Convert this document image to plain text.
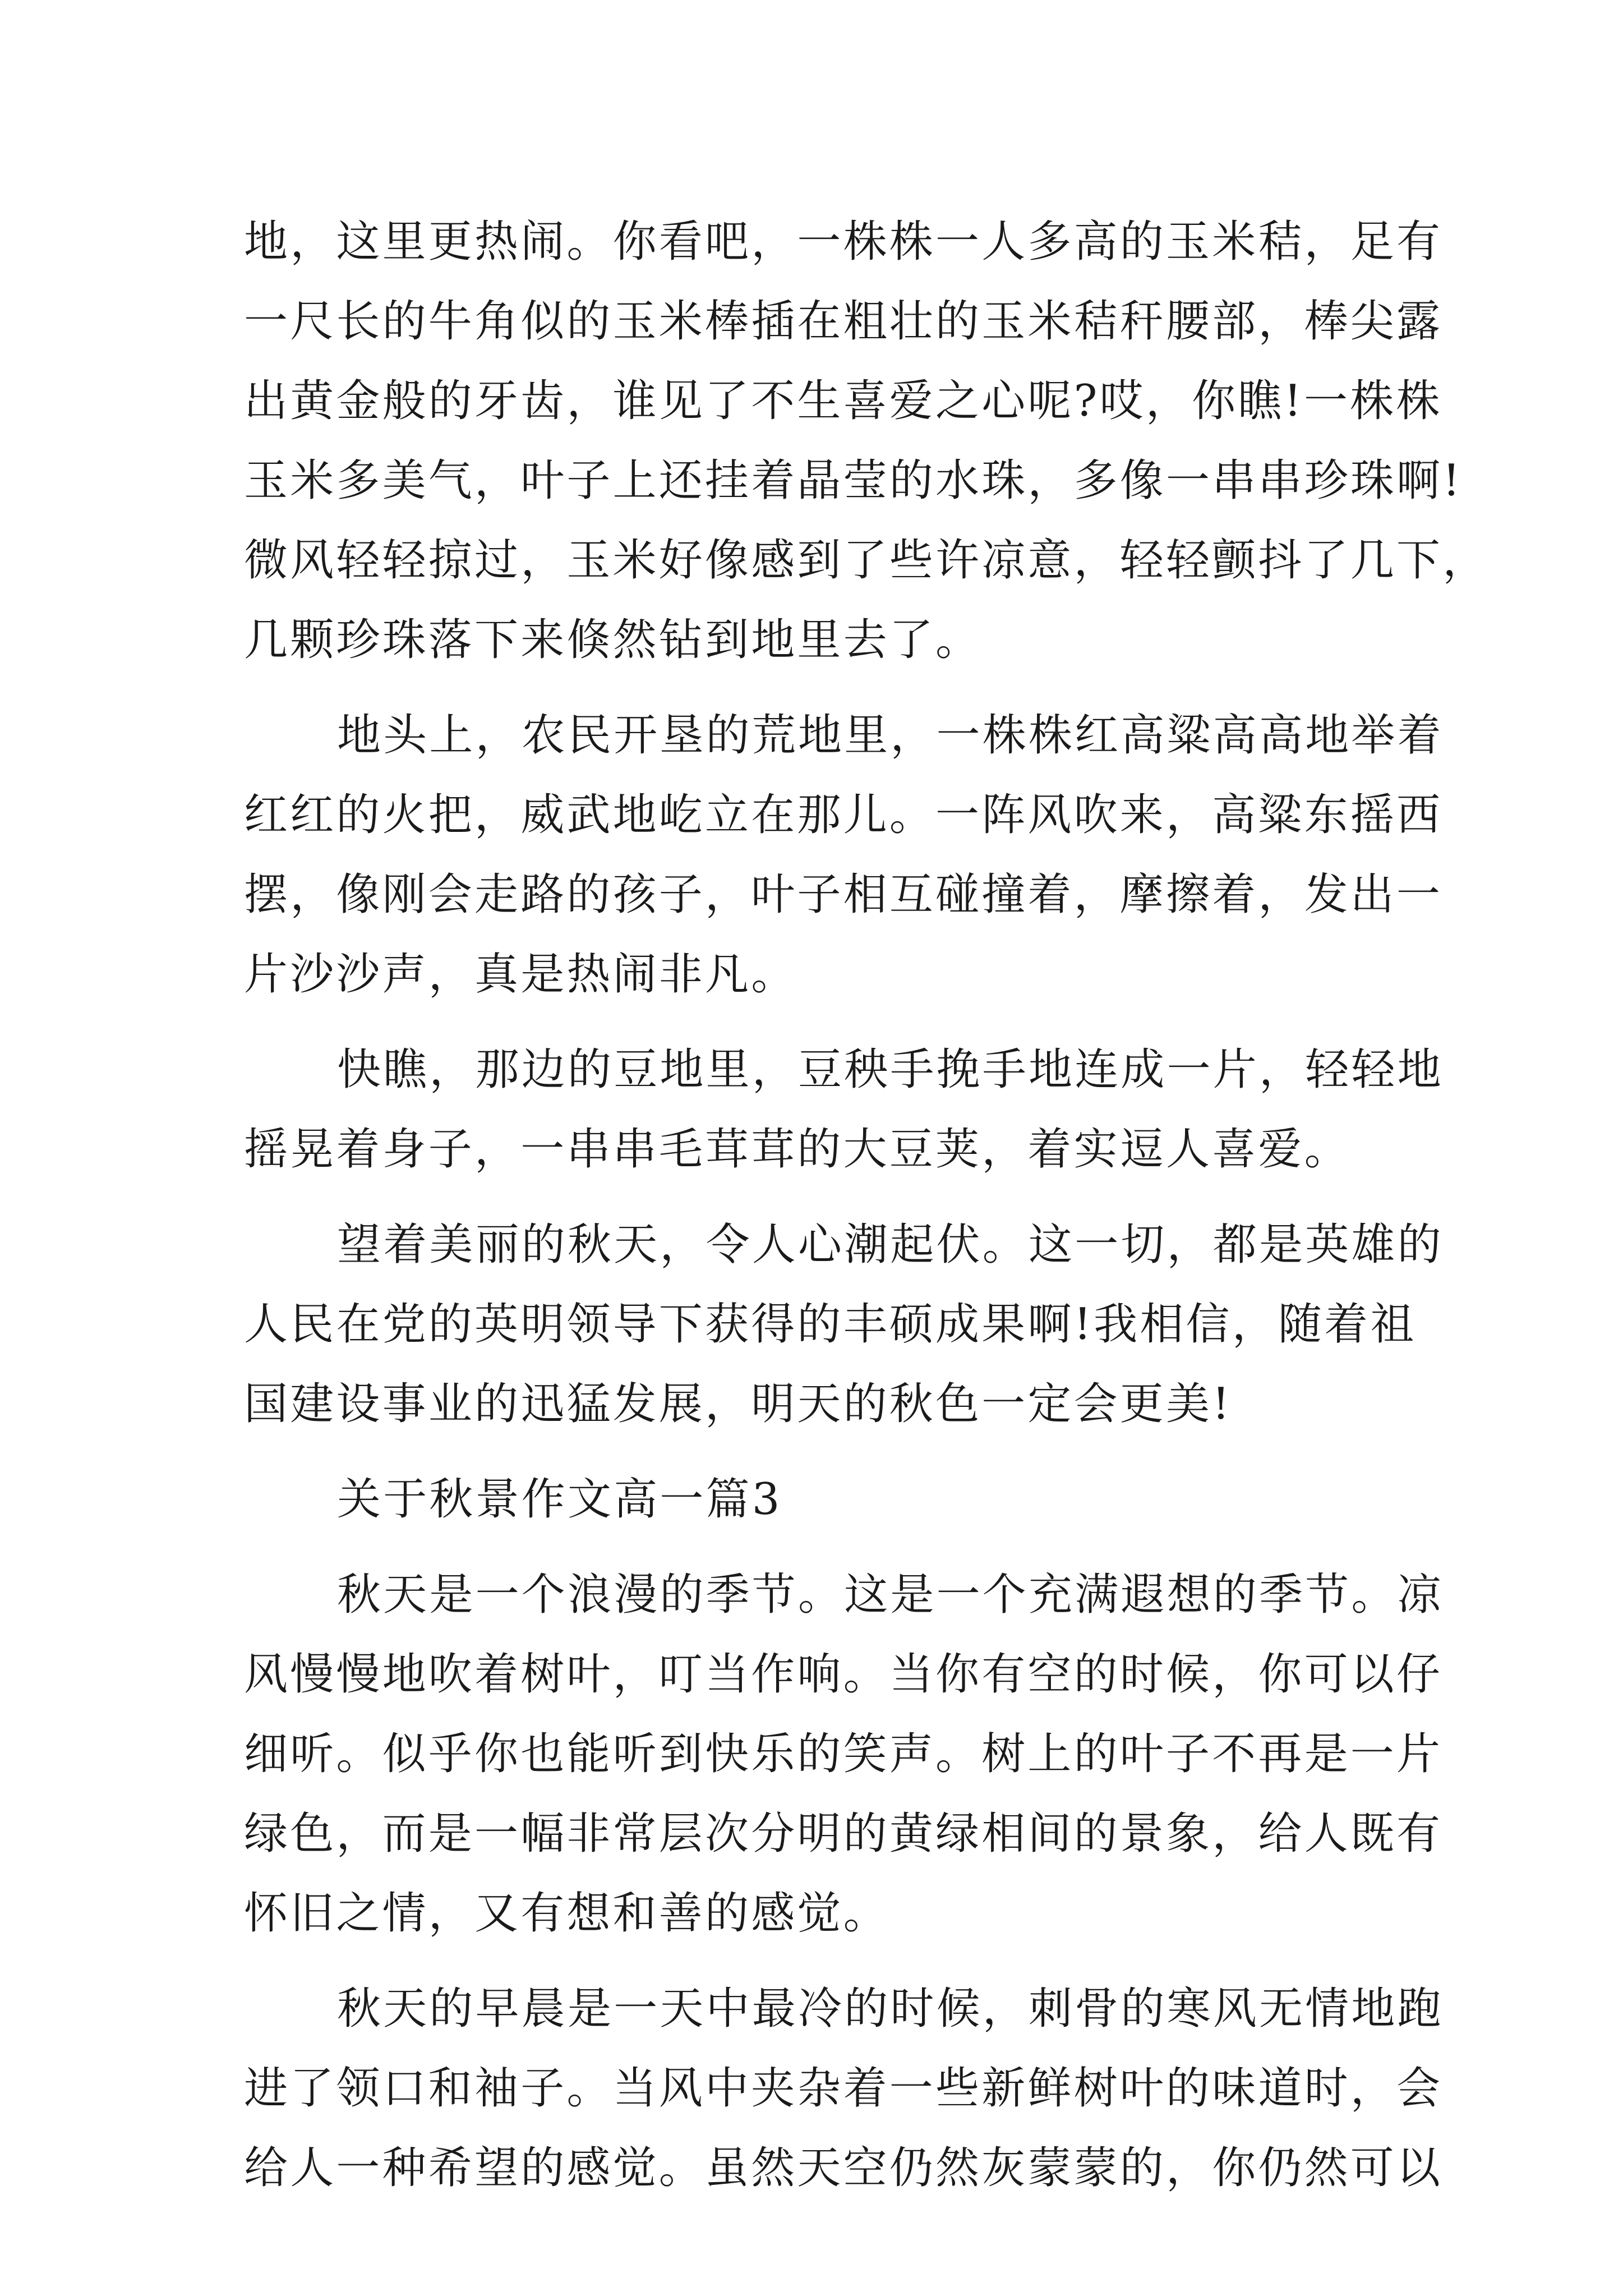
地，这里更热闹。你看吧，一株株一人多高的玉米秸，足有
一尺长的牛角似的玉米棒插在粗壮的玉米秸秆腰部，棒尖露
出黄金般的牙齿，谁见了不生喜爱之心呢?哎，你瞧!一株株
玉米多美气，叶子上还挂着晶莹的水珠，多像一串串珍珠啊!
微风轻轻掠过，玉米好像感到了些许凉意，轻轻颤抖了几下，
几颗珍珠落下来倏然钻到地里去了。
地头上，农民开垦的荒地里，一株株红高粱高高地举着
红红的火把，威武地屹立在那儿。一阵风吹来，高粱东摇西
摆，像刚会走路的孩子，叶子相互碰撞着，摩擦着，发出一
片沙沙声，真是热闹非凡。
快瞧，那边的豆地里，豆秧手挽手地连成一片，轻轻地
摇晃着身子，一串串毛茸茸的大豆荚，着实逗人喜爱。
望着美丽的秋天，令人心潮起伏。这一切，都是英雄的
人民在党的英明领导下获得的丰硕成果啊!我相信，随着祖
国建设事业的迅猛发展，明天的秋色一定会更美!
关于秋景作文高一篇3
秋天是一个浪漫的季节。这是一个充满遐想的季节。凉
风慢慢地吹着树叶，叮当作响。当你有空的时候，你可以仔
细听。似乎你也能听到快乐的笑声。树上的叶子不再是一片
绿色，而是一幅非常层次分明的黄绿相间的景象，给人既有
怀旧之情，又有想和善的感觉。
秋天的早晨是一天中最冷的时候，刺骨的寒风无情地跑
进了领口和袖子。当风中夹杂着一些新鲜树叶的味道时，会
给人一种希望的感觉。虽然天空仍然灰蒙蒙的，你仍然可以
